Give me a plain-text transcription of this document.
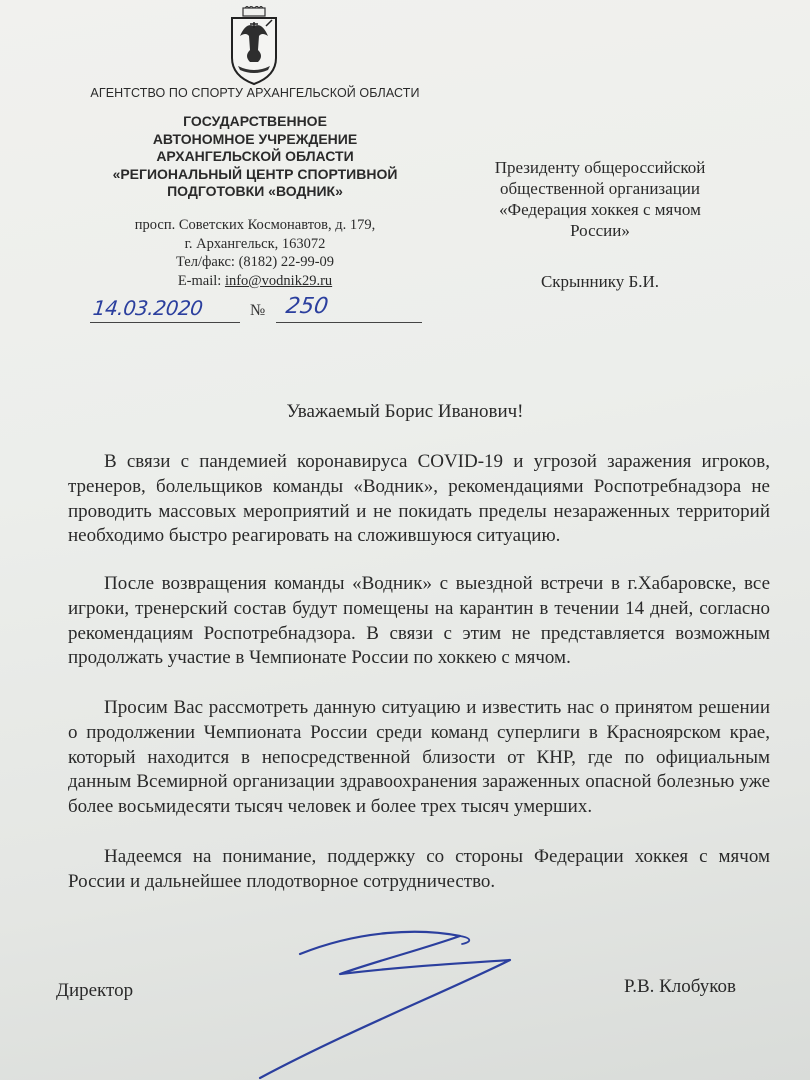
АГЕНТСТВО ПО СПОРТУ АРХАНГЕЛЬСКОЙ ОБЛАСТИ
ГОСУДАРСТВЕННОЕ
АВТОНОМНОЕ УЧРЕЖДЕНИЕ
АРХАНГЕЛЬСКОЙ ОБЛАСТИ
«РЕГИОНАЛЬНЫЙ ЦЕНТР СПОРТИВНОЙ
ПОДГОТОВКИ «ВОДНИК»
просп. Советских Космонавтов, д. 179,
г. Архангельск, 163072
Тел/факс: (8182) 22-99-09
E-mail: info@vodnik29.ru
Президенту общероссийской
общественной организации
«Федерация хоккея с мячом
России»
Скрыннику Б.И.
14.03.2020	№ 250
Уважаемый Борис Иванович!

В связи с пандемией коронавируса COVID-19 и угрозой заражения игроков, тренеров, болельщиков команды «Водник», рекомендациями Роспотребнадзора не проводить массовых мероприятий и не покидать пределы незараженных территорий необходимо быстро реагировать на сложившуюся ситуацию.

После возвращения команды «Водник» с выездной встречи в г.Хабаровске, все игроки, тренерский состав будут помещены на карантин в течении 14 дней, согласно рекомендациям Роспотребнадзора. В связи с этим не представляется возможным продолжать участие в Чемпионате России по хоккею с мячом.

Просим Вас рассмотреть данную ситуацию и известить нас о принятом решении о продолжении Чемпионата России среди команд суперлиги в Красноярском крае, который находится в непосредственной близости от КНР, где по официальным данным Всемирной организации здравоохранения зараженных опасной болезнью уже более восьмидесяти тысяч человек и более трех тысяч умерших.

Надеемся на понимание, поддержку со стороны Федерации хоккея с мячом России и дальнейшее плодотворное сотрудничество.

Директор	Р.В. Клобуков
